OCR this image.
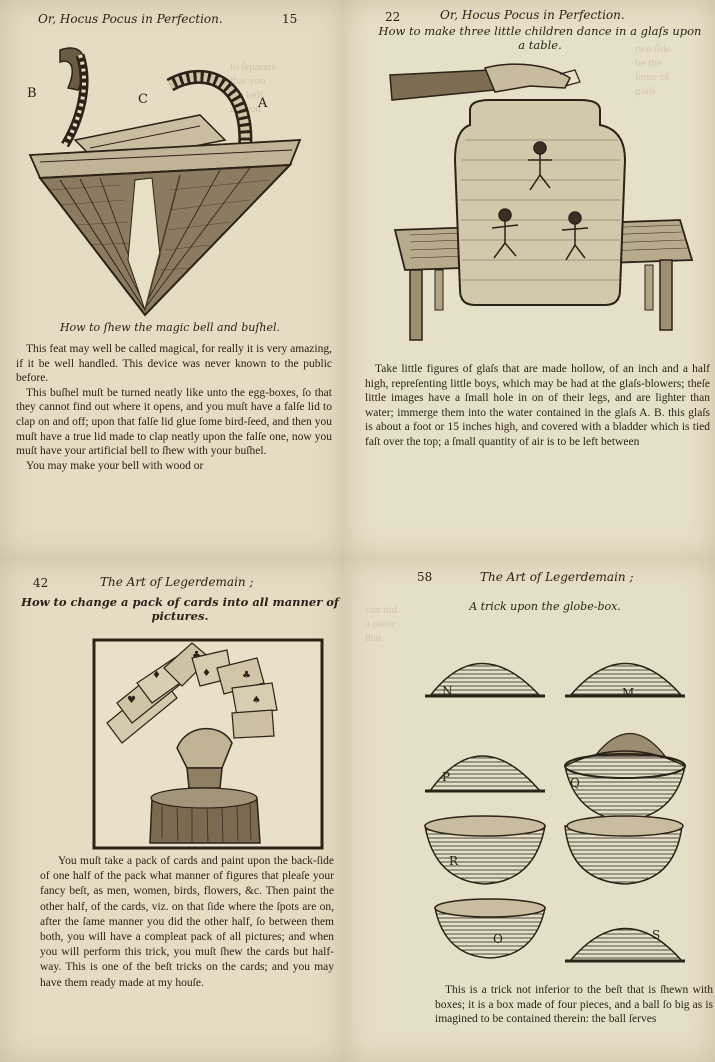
ſo ſeparate
that you
the bell
an iron
Or, Hocus Pocus in Perfection.	15
B	C	A
How to ſhew the magic bell and buſhel.

This feat may well be called magical, for really it is very amazing, if it be well handled. This device was never known to the public before.

This buſhel muſt be turned neatly like unto the egg-boxes, ſo that they cannot find out where it opens, and you muſt have a falſe lid to clap on and off; upon that falſe lid glue ſome bird-ſeed, and then you muſt have a true lid made to clap neatly upon the falſe one, now you muſt have your artificial bell to ſhew with your buſhel.

You may make your bell with wood or

two ſide
be the
ſome of
glaſs
22	Or, Hocus Pocus in Perfection.
How to make three little children dance in a glaſs upon a table.

Take little figures of glaſs that are made hollow, of an inch and a half high, repreſenting little boys, which may be had at the glaſs-blowers; theſe little images have a ſmall hole in on of their legs, and are lighter than water; immerge them into the water contained in the glaſs A. B. this glaſs is about a foot or 15 inches high, and covered with a bladder which is tied faſt over the top; a ſmall quantity of air is to be left between

42	The Art of Legerdemain ;
How to change a pack of cards into all manner of pictures.
♣
♦
♥
♣
♠
♦

You muſt take a pack of cards and paint upon the back-ſide of one half of the pack what manner of figures that pleaſe your fancy beſt, as men, women, birds, flowers, &c. Then paint the other half, of the cards, viz. on that ſide where the ſpots are on, after the ſame manner you did the other half, ſo between them both, you will have a compleat pack of all pictures; and when you will perform this trick, you muſt ſhew the cards but half-way. This is one of the beſt tricks on the cards; and you may have them ready made at my houſe.

can bid
a piece
that
58	The Art of Legerdemain ;
A trick upon the globe-box.
N	M
P	Q
R
O	S

This is a trick not inferior to the beſt that is ſhewn with boxes; it is a box made of four pieces, and a ball ſo big as is imagined to be contained therein: the ball ſerves
